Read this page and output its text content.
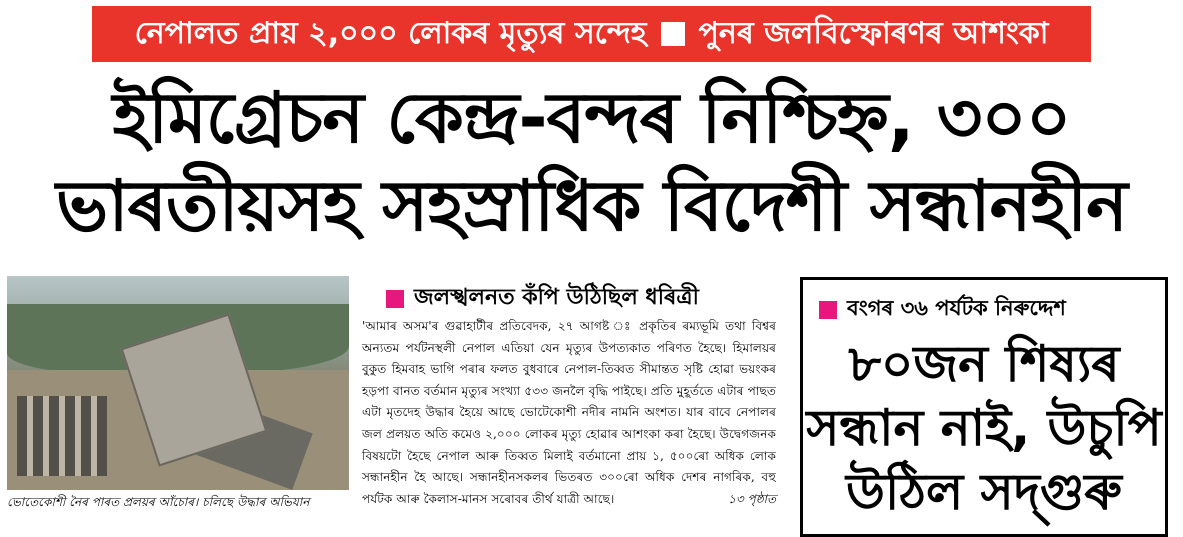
নেপালত প্ৰায় ২,০০০ লোকৰ মৃত্যুৰ সন্দেহ পুনৰ জলবিস্ফোৰণৰ আশংকা
ইমিগ্ৰেচন কেন্দ্ৰ-বন্দৰ নিশ্চিহ্ন, ৩০০
ভাৰতীয়সহ সহস্ৰাধিক বিদেশী সন্ধানহীন
ভোতেকোশী নৈৰ পাৰত প্ৰলয়ৰ আঁচোৰ। চলিছে উদ্ধাৰ অভিযান
জলস্খলনত কঁপি উঠিছিল ধৰিত্ৰী
'আমাৰ অসম'ৰ গুৱাহাটীৰ প্ৰতিবেদক, ২৭ আগষ্ট ঃ প্ৰকৃতিৰ ৰম্যভূমি তথা বিশ্বৰ অন্যতম পৰ্যটনস্থলী নেপাল এতিয়া যেন মৃত্যুৰ উপত্যকাত পৰিণত হৈছে। হিমালয়ৰ বুকুত হিমবাহ ভাগি পৰাৰ ফলত বুধবাৰে নেপাল-তিব্বত সীমান্তত সৃষ্টি হোৱা ভয়ংকৰ হড়পা বানত বৰ্তমান মৃত্যুৰ সংখ্যা ৫৩৩ জনলৈ বৃদ্ধি পাইছে। প্ৰতি মুহূৰ্ততে এটাৰ পাছত এটা মৃতদেহ উদ্ধাৰ হৈয়ে আছে ভোটেকোশী নদীৰ নামনি অংশত। যাৰ বাবে নেপালৰ জল প্ৰলয়ত অতি কমেও ২,০০০ লোকৰ মৃত্যু হোৱাৰ আশংকা কৰা হৈছে। উদ্বেগজনক বিষয়টো হৈছে নেপাল আৰু তিব্বত মিলাই বৰ্তমানো প্ৰায় ১, ৫০০ৰো অধিক লোক সন্ধানহীন হৈ আছে। সন্ধানহীনসকলৰ ভিতৰত ৩০০ৰো অধিক দেশৰ নাগৰিক, বহু পৰ্যটক আৰু কৈলাস-মানস সৰোবৰ তীৰ্থ যাত্ৰী আছে।	১৩ পৃষ্ঠাত
বংগৰ ৩৬ পৰ্যটক নিৰুদ্দেশ
৮০জন শিষ্যৰ
সন্ধান নাই, উচুপি
উঠিল সদ্‌গুৰু
